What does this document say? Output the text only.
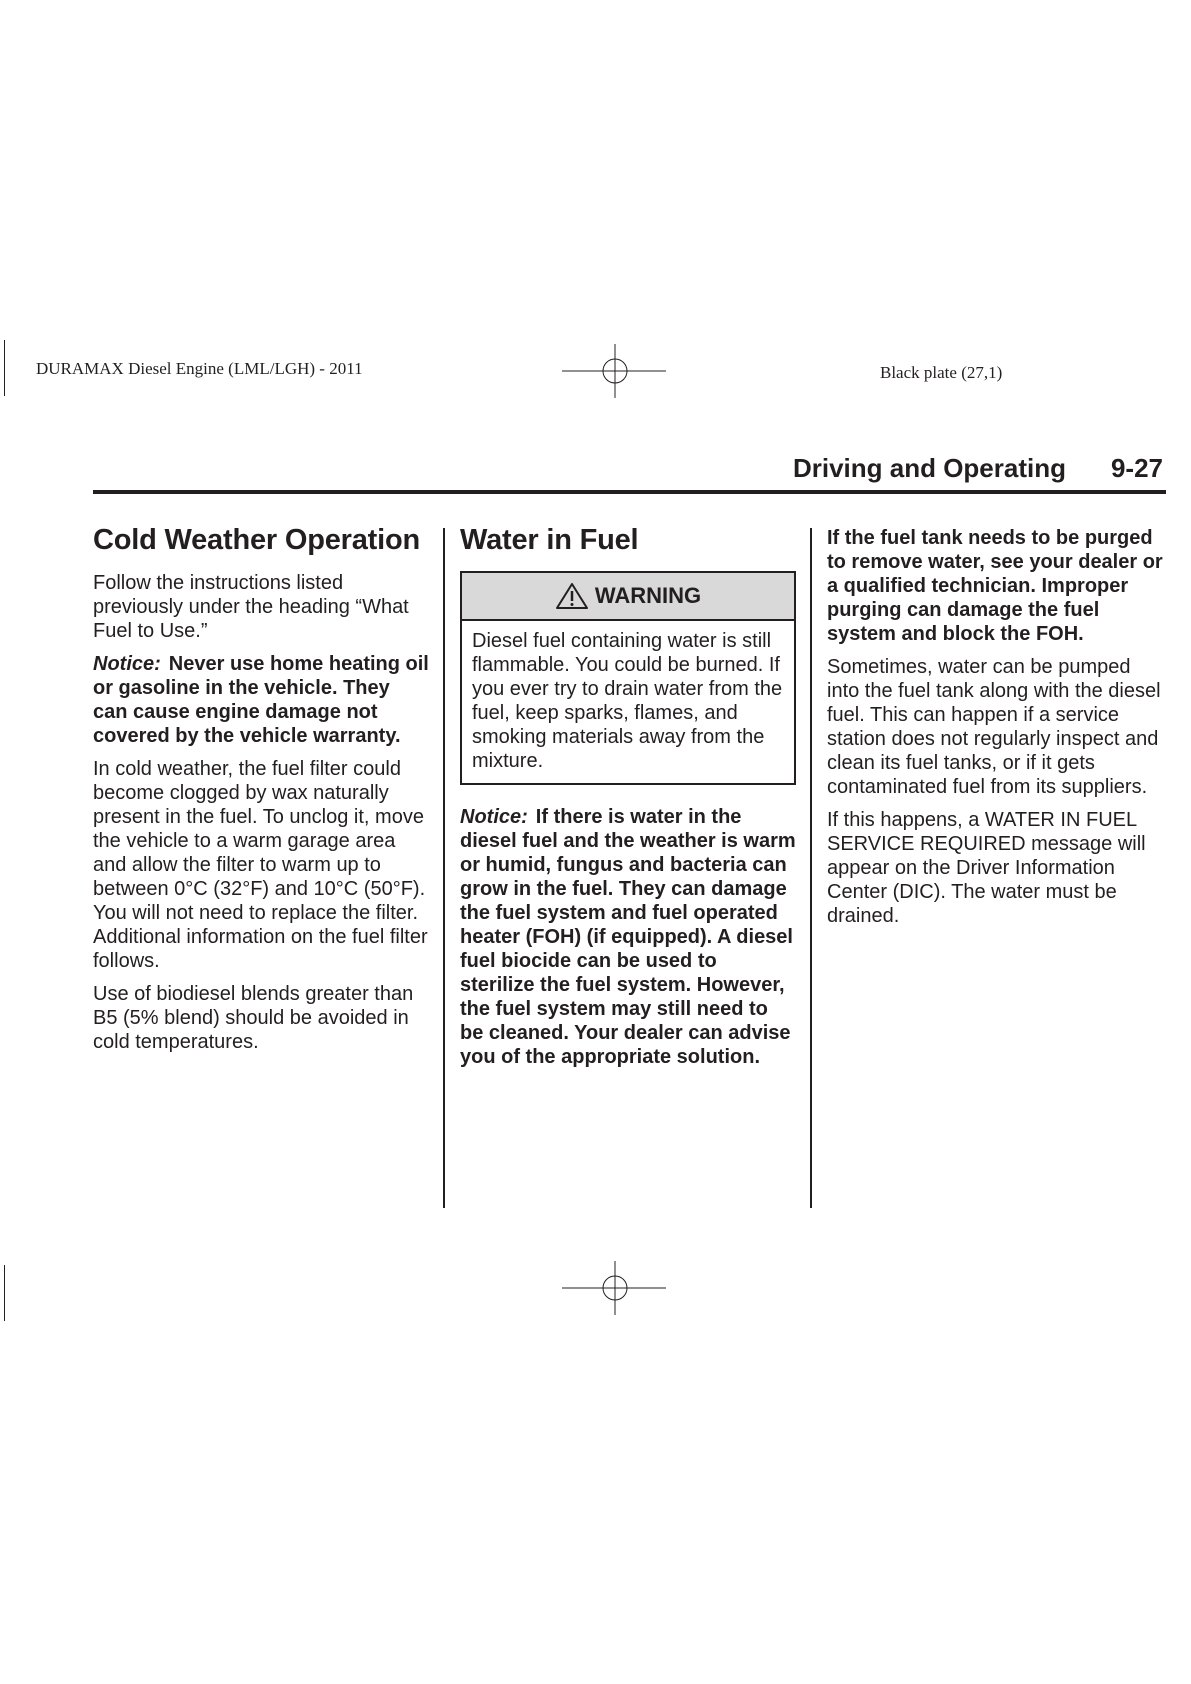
DURAMAX Diesel Engine (LML/LGH) - 2011	Black plate (27,1)
Driving and Operating 9-27
Cold Weather Operation

Follow the instructions listed previously under the heading “What Fuel to Use.”

Notice: Never use home heating oil or gasoline in the vehicle. They can cause engine damage not covered by the vehicle warranty.

In cold weather, the fuel filter could become clogged by wax naturally present in the fuel. To unclog it, move the vehicle to a warm garage area and allow the filter to warm up to between 0°C (32°F) and 10°C (50°F). You will not need to replace the filter. Additional information on the fuel filter follows.

Use of biodiesel blends greater than B5 (5% blend) should be avoided in cold temperatures.

Water in Fuel
WARNING
Diesel fuel containing water is still flammable. You could be burned. If you ever try to drain water from the fuel, keep sparks, flames, and smoking materials away from the mixture.

Notice: If there is water in the diesel fuel and the weather is warm or humid, fungus and bacteria can grow in the fuel. They can damage the fuel system and fuel operated heater (FOH) (if equipped). A diesel fuel biocide can be used to sterilize the fuel system. However, the fuel system may still need to be cleaned. Your dealer can advise you of the appropriate solution.

If the fuel tank needs to be purged to remove water, see your dealer or a qualified technician. Improper purging can damage the fuel system and block the FOH.

Sometimes, water can be pumped into the fuel tank along with the diesel fuel. This can happen if a service station does not regularly inspect and clean its fuel tanks, or if it gets contaminated fuel from its suppliers.

If this happens, a WATER IN FUEL SERVICE REQUIRED message will appear on the Driver Information Center (DIC). The water must be drained.
